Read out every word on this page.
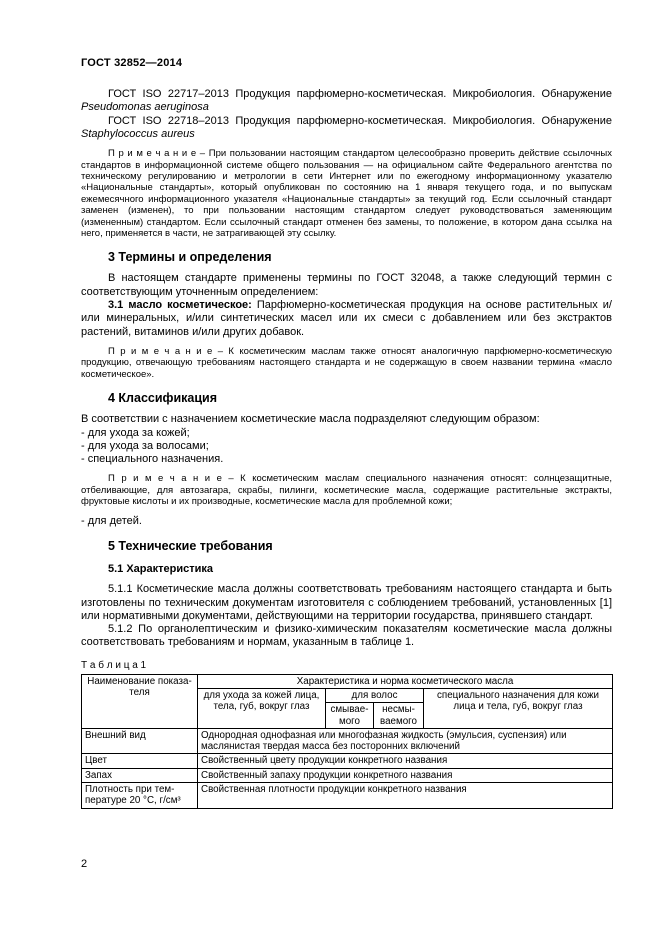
ГОСТ 32852—2014

ГОСТ ISO 22717–2013 Продукция парфюмерно-косметическая. Микробиология. Обнаружение Pseudomonas aeruginosa

ГОСТ ISO 22718–2013 Продукция парфюмерно-косметическая. Микробиология. Обнаружение Staphylococcus aureus

П р и м е ч а н и е – При пользовании настоящим стандартом целесообразно проверить действие ссылочных стандартов в информационной системе общего пользования — на официальном сайте Федерального агентства по техническому регулированию и метрологии в сети Интернет или по ежегодному информационному указателю «Национальные стандарты», который опубликован по состоянию на 1 января текущего года, и по выпускам ежемесячного информационного указателя «Национальные стандарты» за текущий год. Если ссылочный стандарт заменен (изменен), то при пользовании настоящим стандартом следует руководствоваться заменяющим (измененным) стандартом. Если ссылочный стандарт отменен без замены, то положение, в котором дана ссылка на него, применяется в части, не затрагивающей эту ссылку.

3 Термины и определения

В настоящем стандарте применены термины по ГОСТ 32048, а также следующий термин с соответствующим уточненным определением:

3.1 масло косметическое: Парфюмерно-косметическая продукция на основе растительных и/или минеральных, и/или синтетических масел или их смеси с добавлением или без экстрактов растений, витаминов и/или других добавок.

П р и м е ч а н и е – К косметическим маслам также относят аналогичную парфюмерно-косметическую продукцию, отвечающую требованиям настоящего стандарта и не содержащую в своем названии термина «масло косметическое».

4 Классификация

В соответствии с назначением косметические масла подразделяют следующим образом:

- для ухода за кожей;

- для ухода за волосами;

- специального назначения.

П р и м е ч а н и е – К косметическим маслам специального назначения относят: солнцезащитные, отбеливающие, для автозагара, скрабы, пилинги, косметические масла, содержащие растительные экстракты, фруктовые кислоты и их производные, косметические масла для проблемной кожи;

- для детей.

5 Технические требования
5.1 Характеристика

5.1.1 Косметические масла должны соответствовать требованиям настоящего стандарта и быть изготовлены по техническим документам изготовителя с соблюдением требований, установленных [1] или нормативными документами, действующими на территории государства, принявшего стандарт.

5.1.2 По органолептическим и физико-химическим показателям косметические масла должны соответствовать требованиям и нормам, указанным в таблице 1.

Т а б л и ц а 1

Наименование показателя	Характеристика и норма косметического масла			
	для ухода за кожей лица, тела, губ, вокруг глаз	для волос		специального назначения для кожи лица и тела, губ, вокруг глаз
		смываемого	несмываемого	
Внешний вид	Однородная однофазная или многофазная жидкость (эмульсия, суспензия) или маслянистая твердая масса без посторонних включений			
Цвет	Свойственный цвету продукции конкретного названия			
Запах	Свойственный запаху продукции конкретного названия			
Плотность при температуре 20 °С, г/см³	Свойственная плотности продукции конкретного названия			
2
